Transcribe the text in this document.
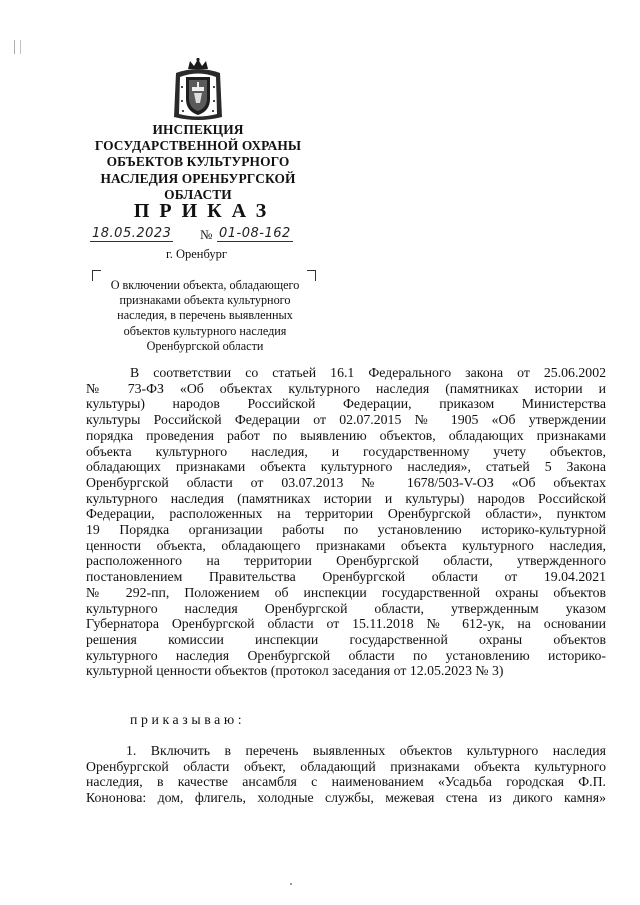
ИНСПЕКЦИЯ
ГОСУДАРСТВЕННОЙ ОХРАНЫ
ОБЪЕКТОВ КУЛЬТУРНОГО
НАСЛЕДИЯ ОРЕНБУРГСКОЙ
ОБЛАСТИ
ПРИКАЗ
18.05.2023 № 01-08-162
г. Оренбург
О включении объекта, обладающего
признаками объекта культурного
наследия, в перечень выявленных
объектов культурного наследия
Оренбургской области
В соответствии со статьей 16.1 Федерального закона от 25.06.2002
№ 73-ФЗ «Об объектах культурного наследия (памятниках истории и
культуры) народов Российской Федерации, приказом Министерства
культуры Российской Федерации от 02.07.2015 № 1905 «Об утверждении
порядка проведения работ по выявлению объектов, обладающих признаками
объекта культурного наследия, и государственному учету объектов,
обладающих признаками объекта культурного наследия», статьей 5 Закона
Оренбургской области от 03.07.2013 № 1678/503-V-ОЗ «Об объектах
культурного наследия (памятниках истории и культуры) народов Российской
Федерации, расположенных на территории Оренбургской области», пунктом
19 Порядка организации работы по установлению историко-культурной
ценности объекта, обладающего признаками объекта культурного наследия,
расположенного на территории Оренбургской области, утвержденного
постановлением Правительства Оренбургской области от 19.04.2021
№ 292-пп, Положением об инспекции государственной охраны объектов
культурного наследия Оренбургской области, утвержденным указом
Губернатора Оренбургской области от 15.11.2018 № 612-ук, на основании
решения комиссии инспекции государственной охраны объектов
культурного наследия Оренбургской области по установлению историко-
культурной ценности объектов (протокол заседания от 12.05.2023 № 3)
приказываю:
1. Включить в перечень выявленных объектов культурного наследия
Оренбургской области объект, обладающий признаками объекта культурного
наследия, в качестве ансамбля с наименованием «Усадьба городская Ф.П.
Кононова: дом, флигель, холодные службы, межевая стена из дикого камня»
